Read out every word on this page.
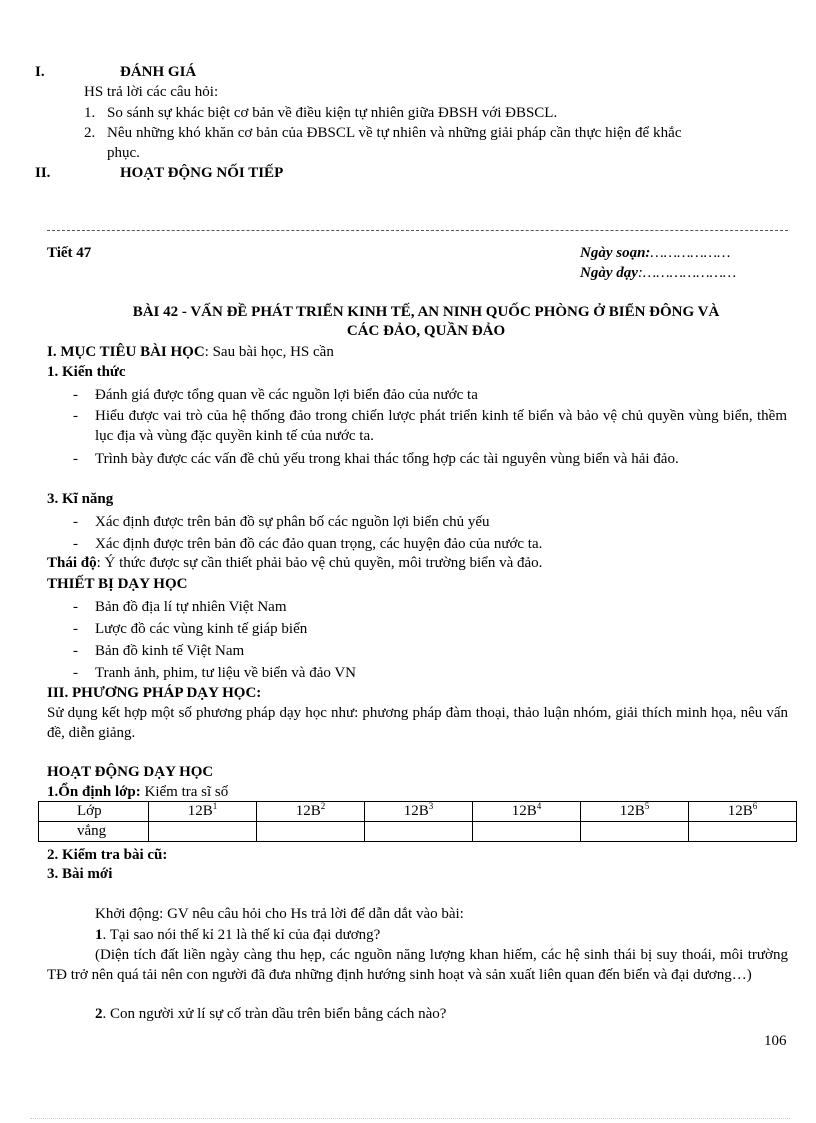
I.	ĐÁNH GIÁ
HS trả lời các câu hỏi:
1. So sánh sự khác biệt cơ bản về điều kiện tự nhiên giữa ĐBSH với ĐBSCL.
2. Nêu những khó khăn cơ bản của ĐBSCL về tự nhiên và những giải pháp cần thực hiện để khắc
phục.
II.	HOẠT ĐỘNG NỐI TIẾP
Tiết 47	Ngày soạn:………………
Ngày dạy:…………………
BÀI 42 - VẤN ĐỀ PHÁT TRIỂN KINH TẾ, AN NINH QUỐC PHÒNG Ở BIỂN ĐÔNG VÀ
CÁC ĐẢO, QUẦN ĐẢO
I. MỤC TIÊU BÀI HỌC: Sau bài học, HS cần
1. Kiến thức
- Đánh giá được tổng quan về các nguồn lợi biển đảo của nước ta
- Hiểu được vai trò của hệ thống đảo trong chiến lược phát triển kinh tế biển và bảo vệ chủ quyền vùng biển, thềm lục địa và vùng đặc quyền kinh tế của nước ta.
- Trình bày được các vấn đề chủ yếu trong khai thác tổng hợp các tài nguyên vùng biển và hải đảo.
3. Kĩ năng
- Xác định được trên bản đồ sự phân bố các nguồn lợi biển chủ yếu
- Xác định được trên bản đồ các đảo quan trọng, các huyện đảo của nước ta.
Thái độ: Ý thức được sự cần thiết phải bảo vệ chủ quyền, môi trường biển và đảo.
THIẾT BỊ DẠY HỌC
- Bản đồ địa lí tự nhiên Việt Nam
- Lược đồ các vùng kinh tế giáp biển
- Bản đồ kinh tế Việt Nam
- Tranh ảnh, phim, tư liệu về biển và đảo VN
III. PHƯƠNG PHÁP DẠY HỌC:
Sử dụng kết hợp một số phương pháp dạy học như: phương pháp đàm thoại, thảo luận nhóm, giải thích minh họa, nêu vấn đề, diễn giảng.
HOẠT ĐỘNG DẠY HỌC
1.Ổn định lớp: Kiểm tra sĩ số
Lớp	$12B^1$	$12B^2$	$12B^3$	$12B^4$	$12B^5$	$12B^6$
vắng						
2. Kiểm tra bài cũ:
3. Bài mới
Khởi động: GV nêu câu hỏi cho Hs trả lời để dẫn dắt vào bài:
1. Tại sao nói thế kỉ 21 là thế kỉ của đại dương?
(Diện tích đất liền ngày càng thu hẹp, các nguồn năng lượng khan hiếm, các hệ sinh thái bị suy thoái, môi trường TĐ trở nên quá tải nên con người đã đưa những định hướng sinh hoạt và sản xuất liên quan đến biển và đại dương…)
2. Con người xử lí sự cố tràn dầu trên biển bằng cách nào?
106
